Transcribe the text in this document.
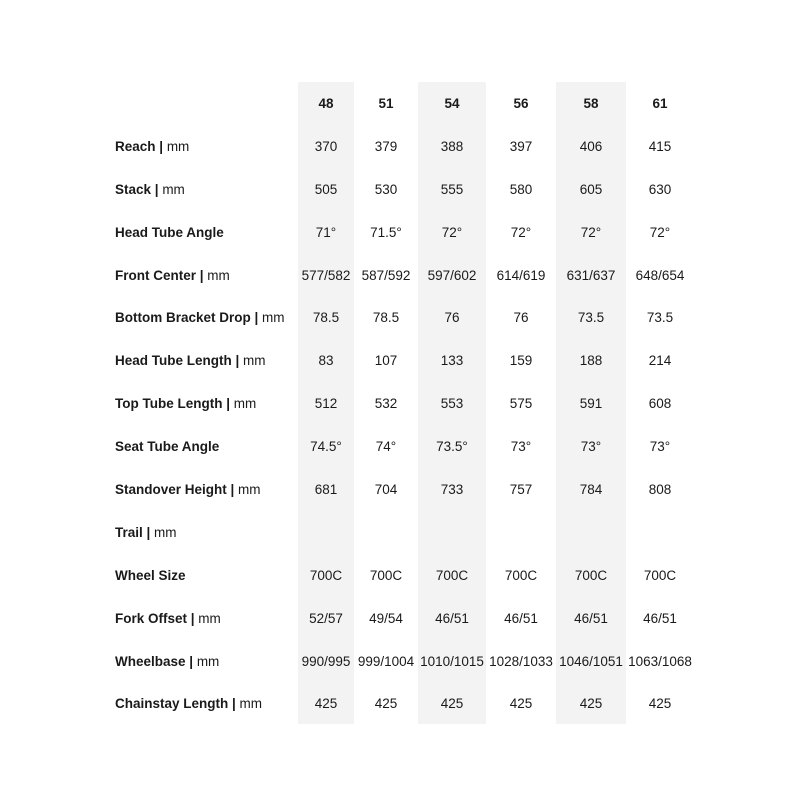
	48	51	54	56	58	61
Reach | mm	370	379	388	397	406	415
Stack | mm	505	530	555	580	605	630
Head Tube Angle	71°	71.5°	72°	72°	72°	72°
Front Center | mm	577/582	587/592	597/602	614/619	631/637	648/654
Bottom Bracket Drop | mm	78.5	78.5	76	76	73.5	73.5
Head Tube Length | mm	83	107	133	159	188	214
Top Tube Length | mm	512	532	553	575	591	608
Seat Tube Angle	74.5°	74°	73.5°	73°	73°	73°
Standover Height | mm	681	704	733	757	784	808
Trail | mm						
Wheel Size	700C	700C	700C	700C	700C	700C
Fork Offset | mm	52/57	49/54	46/51	46/51	46/51	46/51
Wheelbase | mm	990/995	999/1004	1010/1015	1028/1033	1046/1051	1063/1068
Chainstay Length | mm	425	425	425	425	425	425
